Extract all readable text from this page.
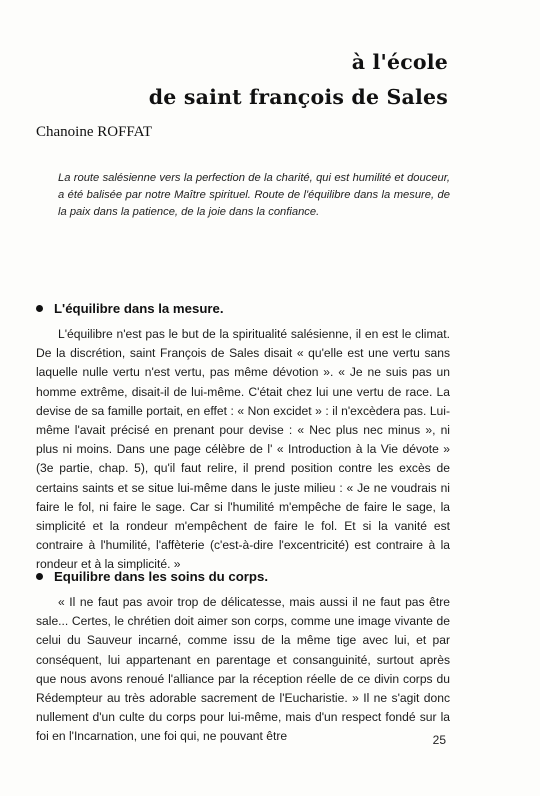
à l'école
de saint françois de Sales
Chanoine ROFFAT
La route salésienne vers la perfection de la charité, qui est humilité et douceur, a été balisée par notre Maître spirituel. Route de l'équilibre dans la mesure, de la paix dans la patience, de la joie dans la confiance.
L'équilibre dans la mesure.

L'équilibre n'est pas le but de la spiritualité salésienne, il en est le climat. De la discrétion, saint François de Sales disait « qu'elle est une vertu sans laquelle nulle vertu n'est vertu, pas même dévotion ». « Je ne suis pas un homme extrême, disait-il de lui-même. C'était chez lui une vertu de race. La devise de sa famille portait, en effet : « Non excidet » : il n'excèdera pas. Lui-même l'avait précisé en prenant pour devise : « Nec plus nec minus », ni plus ni moins. Dans une page célèbre de l' « Introduction à la Vie dévote » (3e partie, chap. 5), qu'il faut relire, il prend position contre les excès de certains saints et se situe lui-même dans le juste milieu : « Je ne voudrais ni faire le fol, ni faire le sage. Car si l'humilité m'empêche de faire le sage, la simplicité et la rondeur m'empêchent de faire le fol. Et si la vanité est contraire à l'humilité, l'affèterie (c'est-à-dire l'excentricité) est contraire à la rondeur et à la simplicité. »

Equilibre dans les soins du corps.

« Il ne faut pas avoir trop de délicatesse, mais aussi il ne faut pas être sale... Certes, le chrétien doit aimer son corps, comme une image vivante de celui du Sauveur incarné, comme issu de la même tige avec lui, et par conséquent, lui appartenant en parentage et consanguinité, surtout après que nous avons renoué l'alliance par la réception réelle de ce divin corps du Rédempteur au très adorable sacrement de l'Eucharistie. » Il ne s'agit donc nullement d'un culte du corps pour lui-même, mais d'un respect fondé sur la foi en l'Incarnation, une foi qui, ne pouvant être	25
